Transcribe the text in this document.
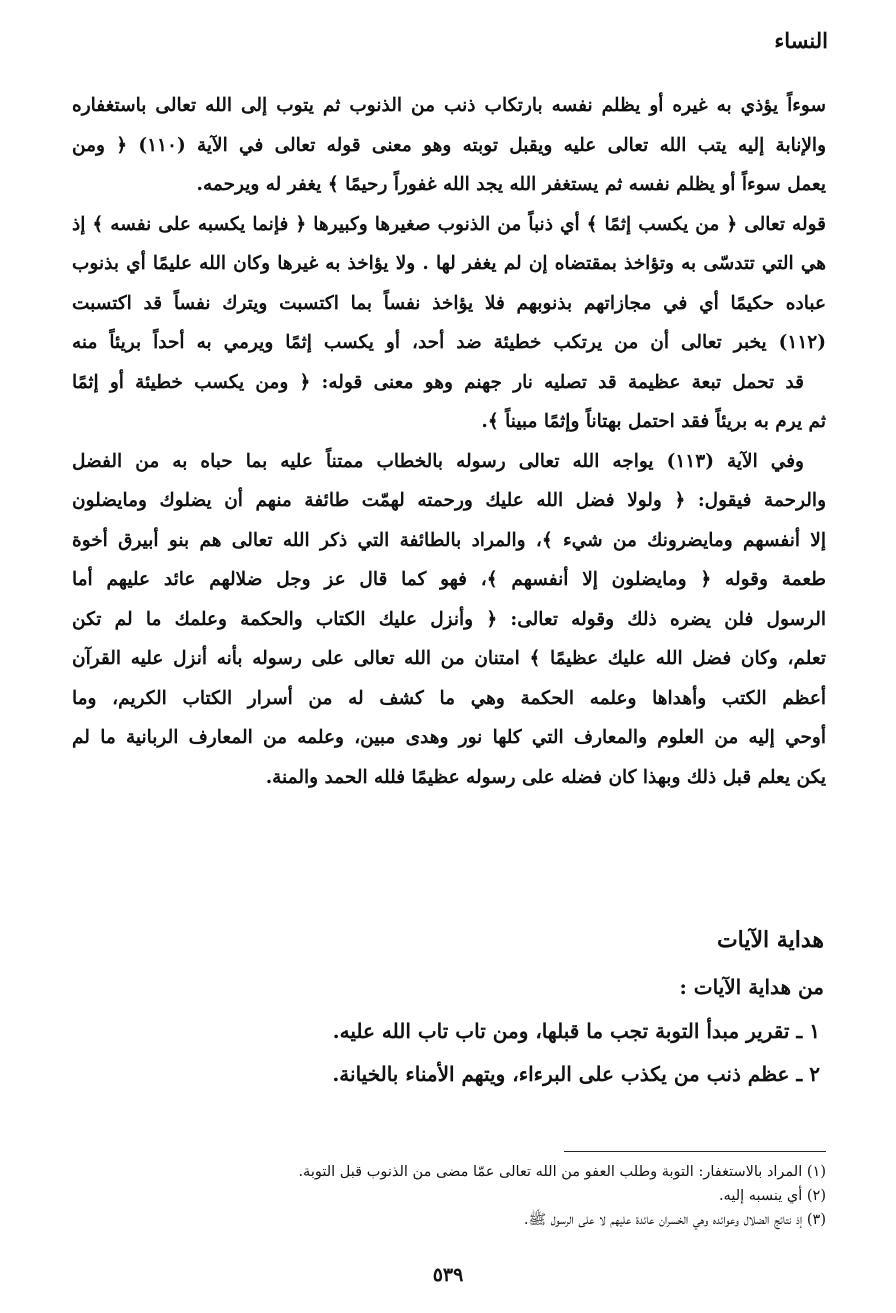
النساء
سوءاً يؤذي به غيره أو يظلم نفسه بارتكاب ذنب من الذنوب ثم يتوب إلى الله تعالى باستغفاره
والإنابة إليه يتب الله تعالى عليه ويقبل توبته وهو معنى قوله تعالى في الآية (١١٠) ﴿ ومن
يعمل سوءاً أو يظلم نفسه ثم يستغفر الله يجد الله غفوراً رحيمًا ﴾ يغفر له ويرحمه.
قوله تعالى ﴿ من يكسب إثمًا ﴾ أي ذنباً من الذنوب صغيرها وكبيرها ﴿ فإنما يكسبه على نفسه ﴾ إذ
هي التي تتدسّى به وتؤاخذ بمقتضاه إن لم يغفر لها . ولا يؤاخذ به غيرها وكان الله عليمًا أي بذنوب
عباده حكيمًا أي في مجازاتهم بذنوبهم فلا يؤاخذ نفساً بما اكتسبت ويترك نفساً قد اكتسبت
(١١٢) يخبر تعالى أن من يرتكب خطيئة ضد أحد، أو يكسب إثمًا ويرمي به أحداً بريئاً منه
قد تحمل تبعة عظيمة قد تصليه نار جهنم وهو معنى قوله: ﴿ ومن يكسب خطيئة أو إثمًا
ثم يرم به بريئاً فقد احتمل بهتاناً وإثمًا مبيناً ﴾.
وفي الآية (١١٣) يواجه الله تعالى رسوله بالخطاب ممتناً عليه بما حباه به من الفضل
والرحمة فيقول: ﴿ ولولا فضل الله عليك ورحمته لهمّت طائفة منهم أن يضلوك ومايضلون
إلا أنفسهم ومايضرونك من شيء ﴾، والمراد بالطائفة التي ذكر الله تعالى هم بنو أبيرق أخوة
طعمة وقوله ﴿ ومايضلون إلا أنفسهم ﴾، فهو كما قال عز وجل ضلالهم عائد عليهم أما
الرسول فلن يضره ذلك وقوله تعالى: ﴿ وأنزل عليك الكتاب والحكمة وعلمك ما لم تكن
تعلم، وكان فضل الله عليك عظيمًا ﴾ امتنان من الله تعالى على رسوله بأنه أنزل عليه القرآن
أعظم الكتب وأهداها وعلمه الحكمة وهي ما كشف له من أسرار الكتاب الكريم، وما
أوحي إليه من العلوم والمعارف التي كلها نور وهدى مبين، وعلمه من المعارف الربانية ما لم
يكن يعلم قبل ذلك وبهذا كان فضله على رسوله عظيمًا فلله الحمد والمنة.
هداية الآيات
من هداية الآيات :
١ ـ تقرير مبدأ التوبة تجب ما قبلها، ومن تاب تاب الله عليه.
٢ ـ عظم ذنب من يكذب على البرءاء، ويتهم الأمناء بالخيانة.
(١) المراد بالاستغفار: التوبة وطلب العفو من الله تعالى عمّا مضى من الذنوب قبل التوبة.
(٢) أي ينسبه إليه.
(٣) إذ نتائج الضلال وعوائده وهي الخسران عائدة عليهم لا على الرسول ﷺ.
٥٣٩
